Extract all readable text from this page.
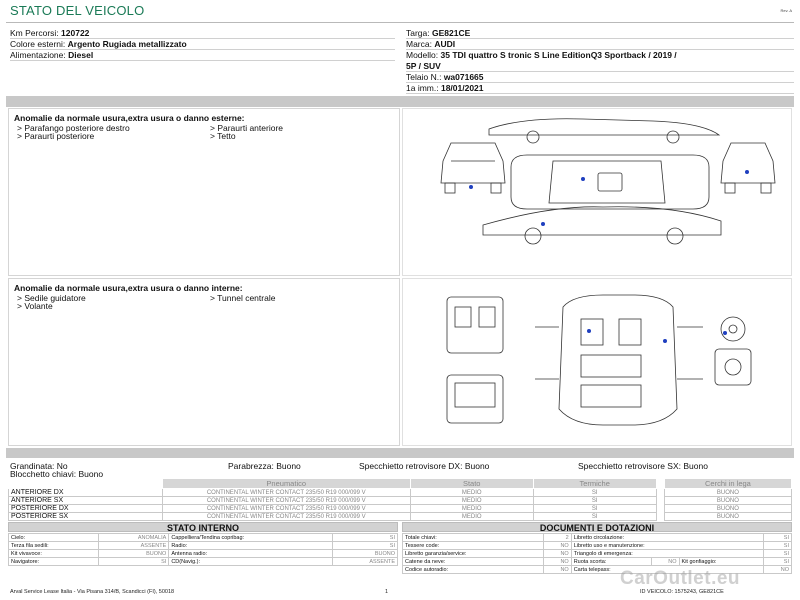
STATO DEL VEICOLO	Rev. A
Km Percorsi: 120722
Colore esterni: Argento Rugiada metallizzato
Alimentazione: Diesel
Targa: GE821CE
Marca: AUDI
Modello: 35 TDI quattro S tronic S Line EditionQ3 Sportback / 2019 /
5P / SUV
Telaio N.: wa071665
1a imm.: 18/01/2021
Anomalie da normale usura,extra usura o danno esterne:
> Parafango posteriore destro
> Paraurti posteriore
> Paraurti anteriore
> Tetto
Anomalie da normale usura,extra usura o danno interne:
> Sedile guidatore
> Volante
> Tunnel centrale
Grandinata: No	Parabrezza: Buono	Specchietto retrovisore DX: Buono	Specchietto retrovisore SX: Buono
Blocchetto chiavi: Buono
	Pneumatico	Stato	Termiche		Cerchi in lega
ANTERIORE DX	CONTINENTAL WINTER CONTACT 235/50 R19 000/099 V	MEDIO	SI		BUONO
ANTERIORE SX	CONTINENTAL WINTER CONTACT 235/50 R19 000/099 V	MEDIO	SI		BUONO
POSTERIORE DX	CONTINENTAL WINTER CONTACT 235/50 R19 000/099 V	MEDIO	SI		BUONO
POSTERIORE SX	CONTINENTAL WINTER CONTACT 235/50 R19 000/099 V	MEDIO	SI		BUONO
STATO INTERNO
Cielo:	ANOMALIA	Cappelliera/Tendina copribag:	SI
Terza fila sedili:	ASSENTE	Radio:	SI
Kit vivavoce:	BUONO	Antenna radio:	BUONO
Navigatore:	SI	CD(Navig.):	ASSENTE
DOCUMENTI E DOTAZIONI
Totale chiavi:	2	Libretto circolazione:			SI
Tessere code:	NO	Libretto uso e manutenzione:			SI
Libretto garanzia/service:	NO	Triangolo di emergenza:			SI
Catene da neve:	NO	Ruota scorta:	NO	Kit gonfiaggio:	SI
Codice autoradio:	NO	Carta telepass:			NO
Arval Service Lease Italia - Via Pisana 314/B, Scandicci (FI), 50018	1	ID VEICOLO: 1575243, GE821CE
CarOutlet.eu
